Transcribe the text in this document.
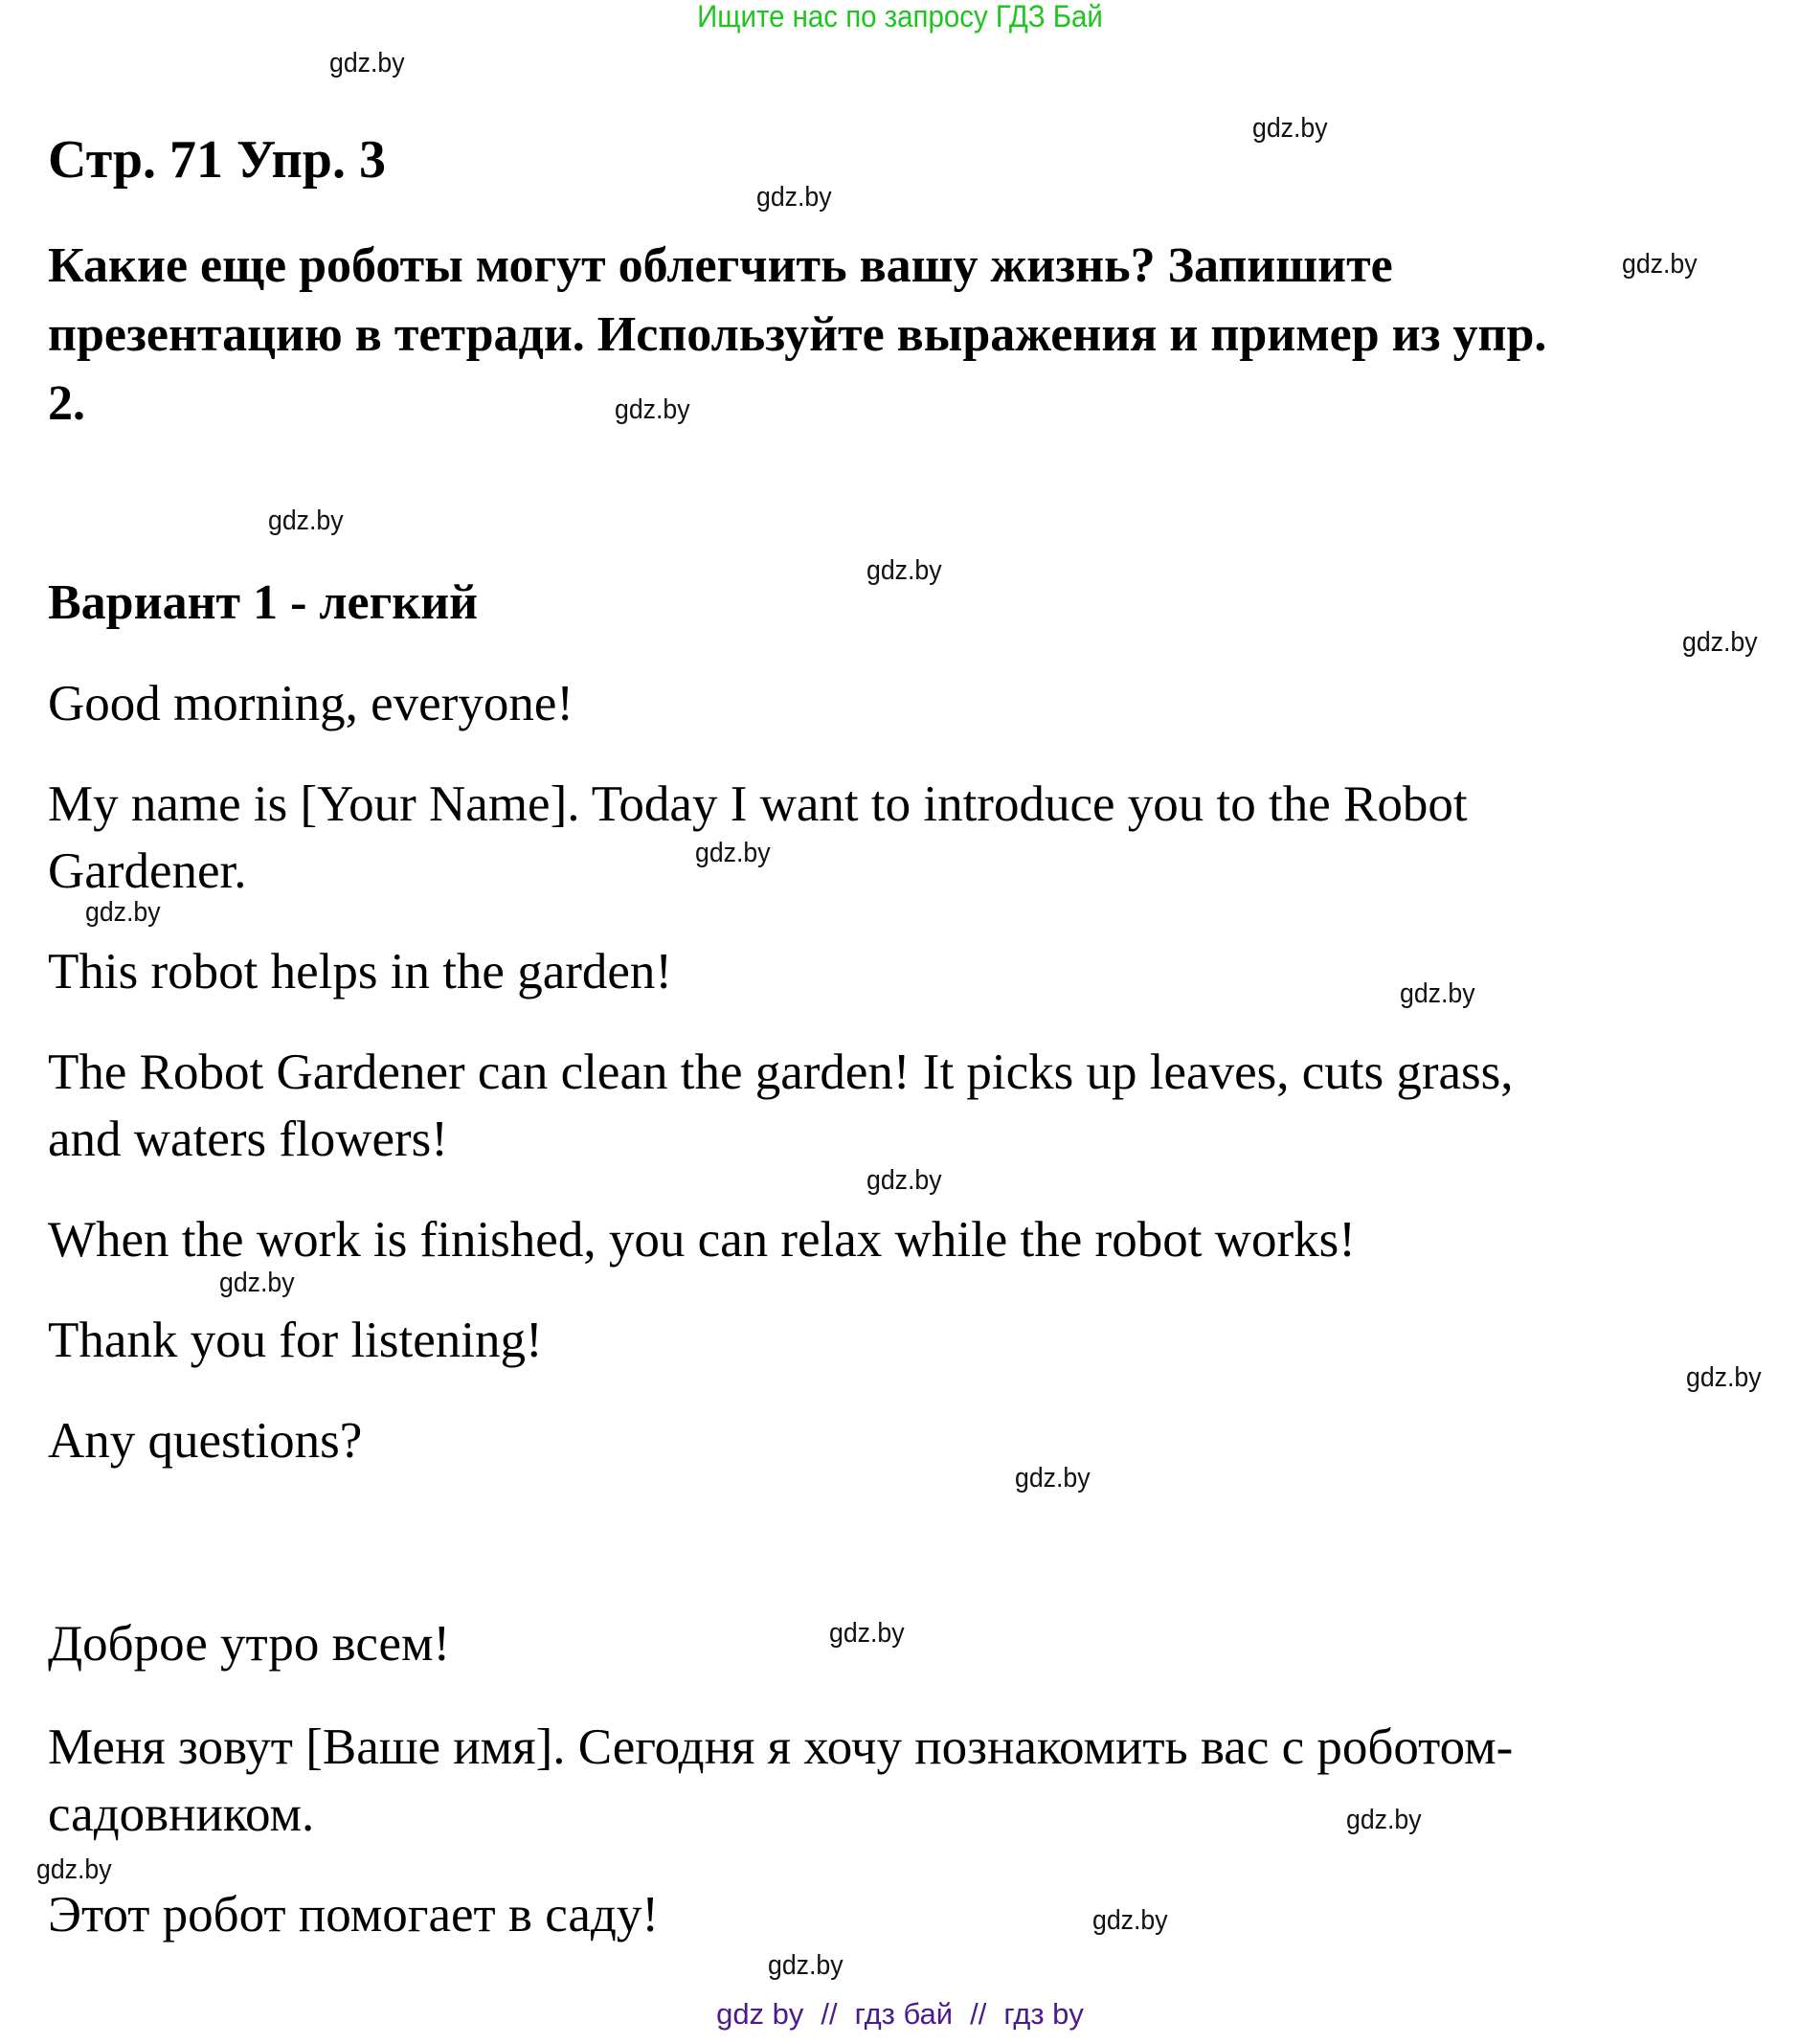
Ищите нас по запросу ГДЗ Бай
Стр. 71 Упр. 3
Какие еще роботы могут облегчить вашу жизнь? Запишите
презентацию в тетради. Используйте выражения и пример из упр.
2.
Вариант 1 - легкий
Good morning, everyone!
My name is [Your Name]. Today I want to introduce you to the Robot
Gardener.
This robot helps in the garden!
The Robot Gardener can clean the garden! It picks up leaves, cuts grass,
and waters flowers!
When the work is finished, you can relax while the robot works!
Thank you for listening!
Any questions?
Доброе утро всем!
Меня зовут [Ваше имя]. Сегодня я хочу познакомить вас с роботом-
садовником.
Этот робот помогает в саду!
gdz.by
gdz.by
gdz.by
gdz.by
gdz.by
gdz.by
gdz.by
gdz.by
gdz.by
gdz.by
gdz.by
gdz.by
gdz.by
gdz.by
gdz.by
gdz.by
gdz.by
gdz.by
gdz.by
gdz.by
gdz by // гдз бай // гдз by
